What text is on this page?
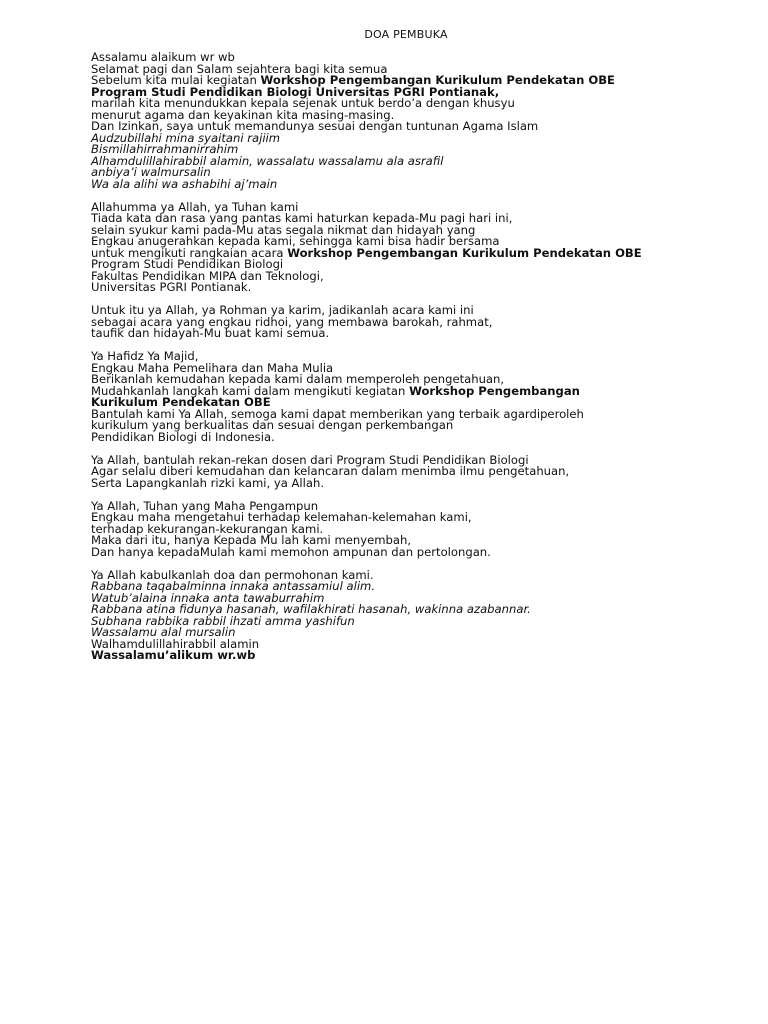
DOA PEMBUKA
Assalamu alaikum wr wb
Selamat pagi dan Salam sejahtera bagi kita semua
Sebelum kita mulai kegiatan Workshop Pengembangan Kurikulum Pendekatan OBE
Program Studi Pendidikan Biologi Universitas PGRI Pontianak,
marilah kita menundukkan kepala sejenak untuk berdo’a dengan khusyu
menurut agama dan keyakinan kita masing-masing.
Dan Izinkan, saya untuk memandunya sesuai dengan tuntunan Agama Islam
Audzubillahi mina syaitani rajiim
Bismillahirrahmanirrahim
Alhamdulillahirabbil alamin, wassalatu wassalamu ala asrafil
anbiya’i walmursalin
Wa ala alihi wa ashabihi aj’main
Allahumma ya Allah, ya Tuhan kami
Tiada kata dan rasa yang pantas kami haturkan kepada-Mu pagi hari ini,
selain syukur kami pada-Mu atas segala nikmat dan hidayah yang
Engkau anugerahkan kepada kami, sehingga kami bisa hadir bersama
untuk mengikuti rangkaian acara Workshop Pengembangan Kurikulum Pendekatan OBE
Program Studi Pendidikan Biologi
Fakultas Pendidikan MIPA dan Teknologi,
Universitas PGRI Pontianak.
Untuk itu ya Allah, ya Rohman ya karim, jadikanlah acara kami ini
sebagai acara yang engkau ridhoi, yang membawa barokah, rahmat,
taufik dan hidayah-Mu buat kami semua.
Ya Hafidz Ya Majid,
Engkau Maha Pemelihara dan Maha Mulia
Berikanlah kemudahan kepada kami dalam memperoleh pengetahuan,
Mudahkanlah langkah kami dalam mengikuti kegiatan Workshop Pengembangan
Kurikulum Pendekatan OBE
Bantulah kami Ya Allah, semoga kami dapat memberikan yang terbaik agardiperoleh
kurikulum yang berkualitas dan sesuai dengan perkembangan
Pendidikan Biologi di Indonesia.
Ya Allah, bantulah rekan-rekan dosen dari Program Studi Pendidikan Biologi
Agar selalu diberi kemudahan dan kelancaran dalam menimba ilmu pengetahuan,
Serta Lapangkanlah rizki kami, ya Allah.
Ya Allah, Tuhan yang Maha Pengampun
Engkau maha mengetahui terhadap kelemahan-kelemahan kami,
terhadap kekurangan-kekurangan kami.
Maka dari itu, hanya Kepada Mu lah kami menyembah,
Dan hanya kepadaMulah kami memohon ampunan dan pertolongan.
Ya Allah kabulkanlah doa dan permohonan kami.
Rabbana taqabalminna innaka antassamiul alim.
Watub’alaina innaka anta tawaburrahim
Rabbana atina fidunya hasanah, wafilakhirati hasanah, wakinna azabannar.
Subhana rabbika rabbil ihzati amma yashifun
Wassalamu alal mursalin
Walhamdulillahirabbil alamin
Wassalamu’alikum wr.wb
